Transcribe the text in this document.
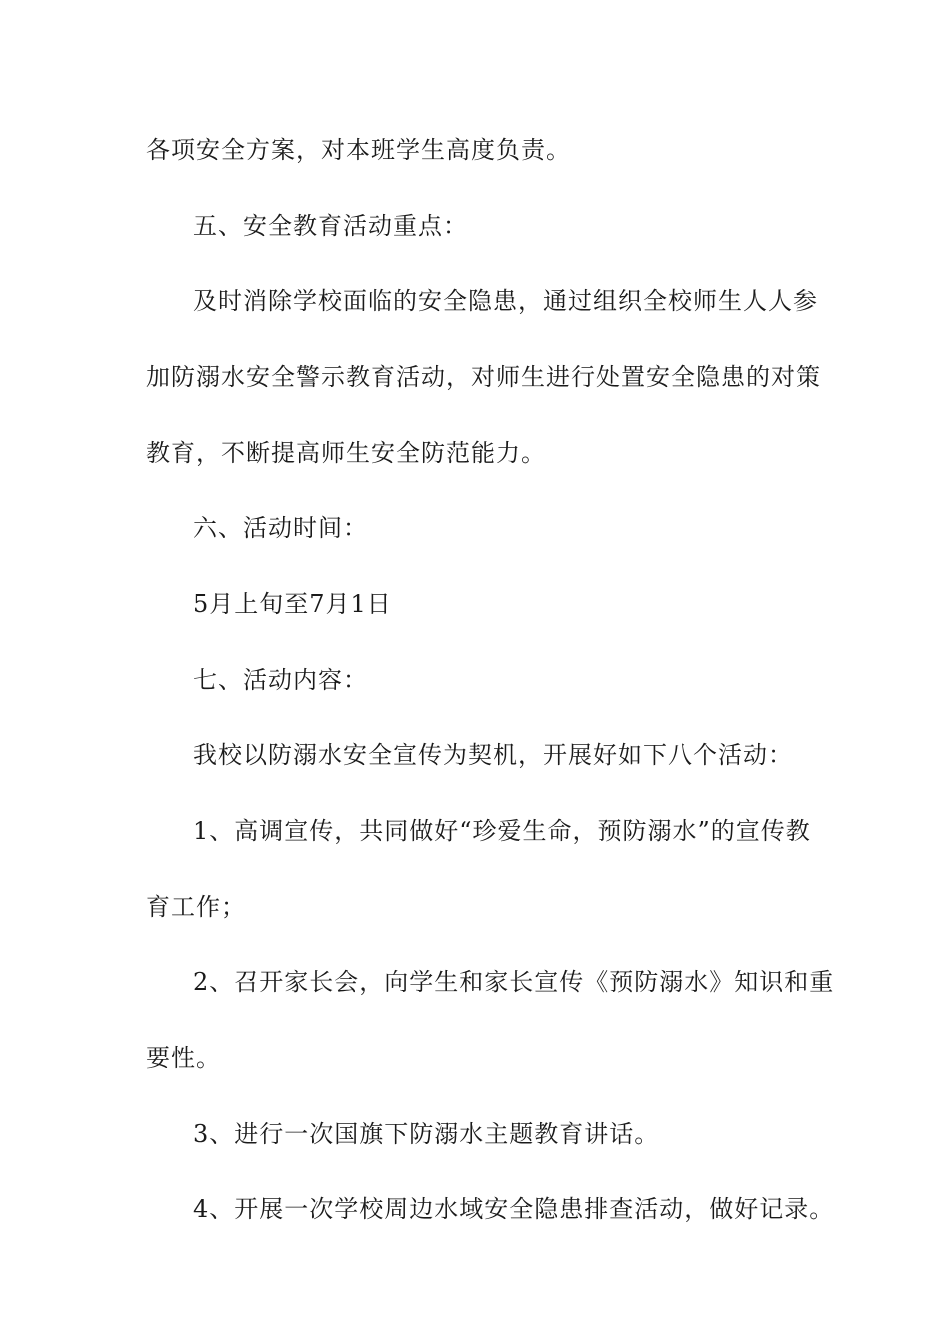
各项安全方案，对本班学生高度负责。
五、安全教育活动重点：
及时消除学校面临的安全隐患，通过组织全校师生人人参
加防溺水安全警示教育活动，对师生进行处置安全隐患的对策
教育，不断提高师生安全防范能力。
六、活动时间：
5月上旬至7月1日
七、活动内容：
我校以防溺水安全宣传为契机，开展好如下八个活动：
1、高调宣传，共同做好“珍爱生命，预防溺水”的宣传教
育工作；
2、召开家长会，向学生和家长宣传《预防溺水》知识和重
要性。
3、进行一次国旗下防溺水主题教育讲话。
4、开展一次学校周边水域安全隐患排查活动，做好记录。
